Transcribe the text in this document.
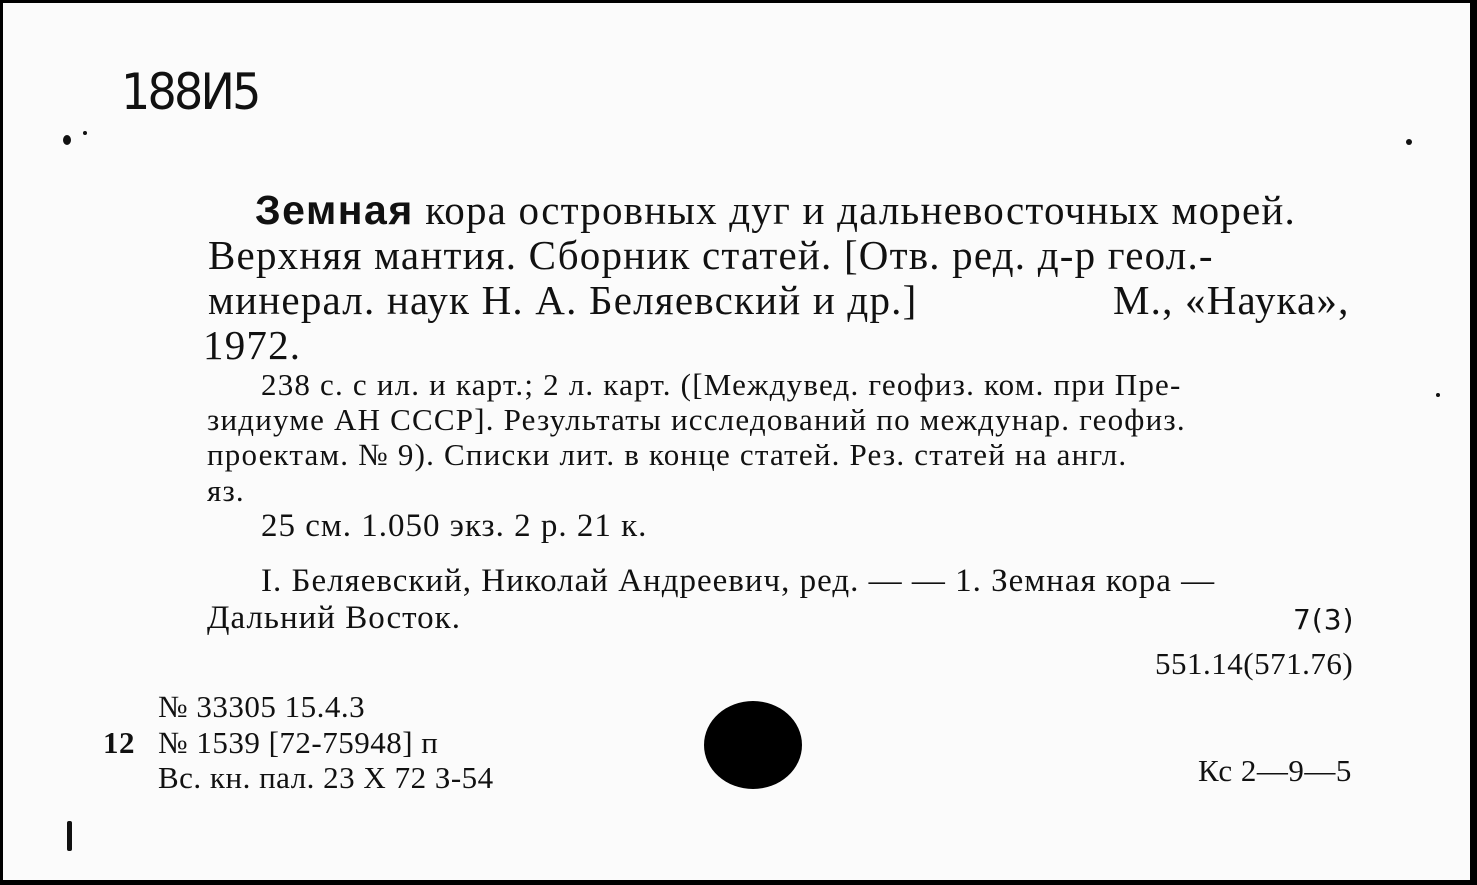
188И5
Земная кора островных дуг и дальневосточных морей.
Верхняя мантия. Сборник статей. [Отв. ред. д-р геол.-
минерал. наук Н. А. Беляевский и др.]	М., «Наука»,
1972.
238 с. с ил. и карт.; 2 л. карт. ([Междувед. геофиз. ком. при Пре-
зидиуме АН СССР]. Результаты исследований по междунар. геофиз.
проектам. № 9). Списки лит. в конце статей. Рез. статей на англ.
яз.
25 см. 1.050 экз. 2 р. 21 к.
I. Беляевский, Николай Андреевич, ред. — — 1. Земная кора —
Дальний Восток.	7(3)
551.14(571.76)
№ 33305 15.4.3
12 № 1539 [72-75948] п
Вс. кн. пал. 23 X 72 З-54	Кс 2—9—5
